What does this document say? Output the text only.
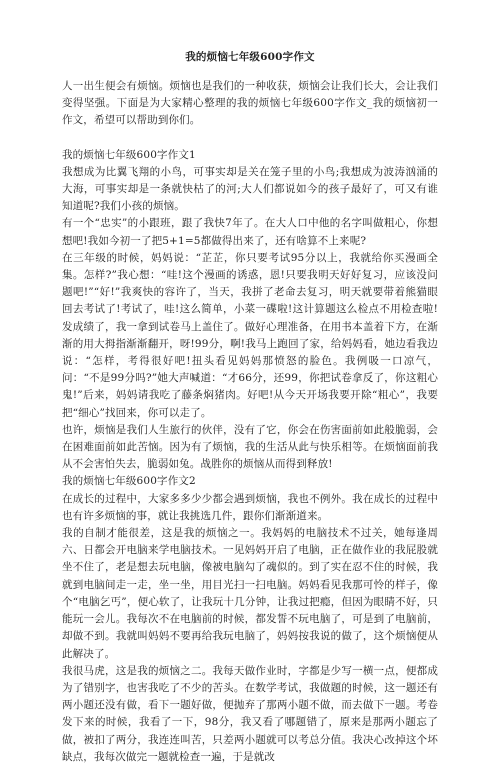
我的烦恼七年级600字作文

人一出生便会有烦恼。烦恼也是我们的一种收获，烦恼会让我们长大，会让我们变得坚强。下面是为大家精心整理的我的烦恼七年级600字作文_我的烦恼初一作文，希望可以帮助到你们。

我的烦恼七年级600字作文1

我想成为比翼飞翔的小鸟，可事实却是关在笼子里的小鸟;我想成为波涛汹涌的大海，可事实却是一条就快枯了的河;大人们都说如今的孩子最好了，可又有谁知道呢?我们小孩的烦恼。

有一个“忠实”的小跟班，跟了我快7年了。在大人口中他的名字叫做粗心，你想想吧!我如今初一了把5+1=5都做得出来了，还有啥算不上来呢?

在三年级的时候，妈妈说：“芷芷，你只要考试95分以上，我就给你买漫画全集。怎样?”我心想：“哇!这个漫画的诱惑，恩!只要我明天好好复习，应该没问题吧!”“好!”我爽快的容许了，当天，我拼了老命去复习，明天就要带着熊猫眼回去考试了!考试了，哇!这么简单，小菜一碟啦!这计算题这么检点不用检查啦!发成绩了，我一拿到试卷马上盖住了。做好心理准备，在用书本盖着下方，在渐渐的用大拇指渐渐翻开，呀!99分，啊!我马上跑回了家，给妈妈看，她边看我边说：“怎样，考得很好吧!扭头看见妈妈那愤怒的脸色。我例吸一口凉气，问：“不是99分吗?”她大声喊道：“才66分，还99，你把试卷拿反了，你这粗心鬼!”后来，妈妈请我吃了藤条焖猪肉。好吧!从今天开场我要开除“粗心”，我要把“细心”找回来，你可以走了。

也许，烦恼是我们人生旅行的伙伴，没有了它，你会在伤害面前如此般脆弱，会在困难面前如此苦恼。因为有了烦恼，我的生活从此与快乐相等。在烦恼面前我从不会害怕失去，脆弱如兔。战胜你的烦恼从而得到释放!

我的烦恼七年级600字作文2

在成长的过程中，大家多多少少都会遇到烦恼，我也不例外。我在成长的过程中也有许多烦恼的事，就让我挑选几件，跟你们渐渐道来。

我的自制才能很差，这是我的烦恼之一。我妈妈的电脑技术不过关，她每逢周六、日都会开电脑来学电脑技术。一见妈妈开启了电脑，正在做作业的我屁股就坐不住了，老是想去玩电脑，像被电脑勾了魂似的。到了实在忍不住的时候，我就到电脑间走一走，坐一坐，用目光扫一扫电脑。妈妈看见我那可怜的样子，像个“电脑乞丐”，便心软了，让我玩十几分钟，让我过把瘾，但因为眼睛不好，只能玩一会儿。我每次不在电脑前的时候，都发誓不玩电脑了，可是到了电脑前，却做不到。我就叫妈妈不要再给我玩电脑了，妈妈按我说的做了，这个烦恼便从此解决了。

我很马虎，这是我的烦恼之二。我每天做作业时，字都是少写一横一点，便都成为了错别字，也害我吃了不少的苦头。在数学考试，我做题的时候，这一题还有两小题还没有做，看下一题好做，便抛弃了那两小题不做，而去做下一题。考卷发下来的时候，我看了一下，98分，我又看了哪题错了，原来是那两小题忘了做，被扣了两分，我连连叫苦，只差两小题就可以考总分值。我决心改掉这个坏缺点，我每次做完一题就检查一遍，于是就改
